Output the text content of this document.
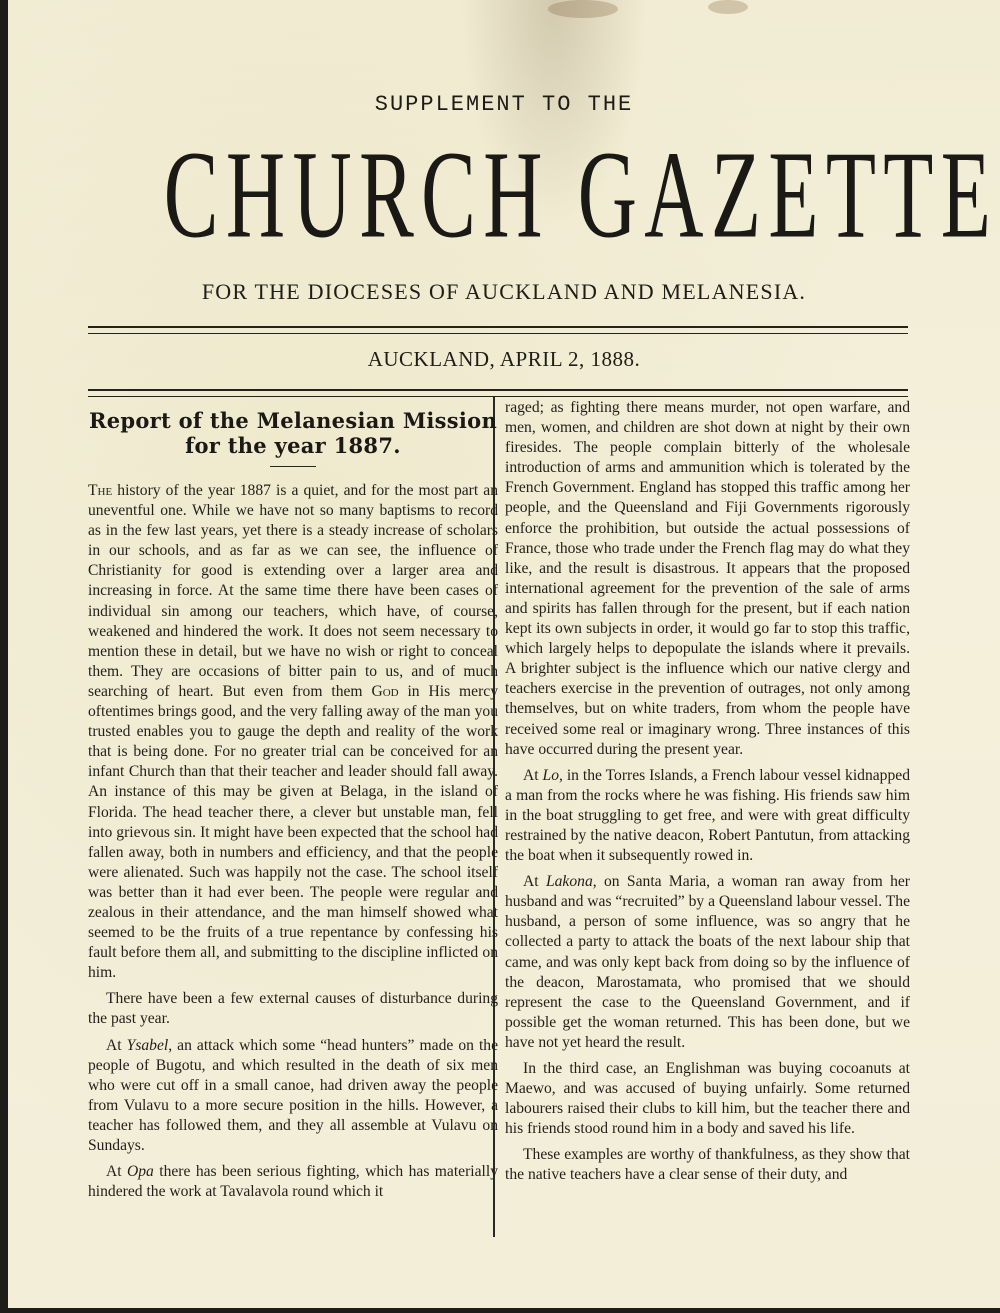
SUPPLEMENT TO THE
CHURCH GAZETTE
FOR THE DIOCESES OF AUCKLAND AND MELANESIA.
AUCKLAND, APRIL 2, 1888.
Report of the Melanesian Mission
for the year 1887.

The history of the year 1887 is a quiet, and for the most part an uneventful one. While we have not so many baptisms to record as in the few last years, yet there is a steady increase of scholars in our schools, and as far as we can see, the influence of Christianity for good is extending over a larger area and increasing in force. At the same time there have been cases of individual sin among our teachers, which have, of course, weakened and hindered the work. It does not seem necessary to mention these in detail, but we have no wish or right to conceal them. They are occasions of bitter pain to us, and of much searching of heart. But even from them God in His mercy oftentimes brings good, and the very falling away of the man you trusted enables you to gauge the depth and reality of the work that is being done. For no greater trial can be conceived for an infant Church than that their teacher and leader should fall away. An instance of this may be given at Belaga, in the island of Florida. The head teacher there, a clever but unstable man, fell into grievous sin. It might have been expected that the school had fallen away, both in numbers and efficiency, and that the people were alienated. Such was happily not the case. The school itself was better than it had ever been. The people were regular and zealous in their attendance, and the man himself showed what seemed to be the fruits of a true repentance by confessing his fault before them all, and submitting to the discipline inflicted on him.

There have been a few external causes of disturbance during the past year.

At Ysabel, an attack which some “head hunters” made on the people of Bugotu, and which resulted in the death of six men who were cut off in a small canoe, had driven away the people from Vulavu to a more secure position in the hills. However, a teacher has followed them, and they all assemble at Vulavu on Sundays.

At Opa there has been serious fighting, which has materially hindered the work at Tavalavola round which it

raged; as fighting there means murder, not open warfare, and men, women, and children are shot down at night by their own firesides. The people complain bitterly of the wholesale introduction of arms and ammunition which is tolerated by the French Government. England has stopped this traffic among her people, and the Queensland and Fiji Governments rigorously enforce the prohibition, but outside the actual possessions of France, those who trade under the French flag may do what they like, and the result is disastrous. It appears that the proposed international agreement for the prevention of the sale of arms and spirits has fallen through for the present, but if each nation kept its own subjects in order, it would go far to stop this traffic, which largely helps to depopulate the islands where it prevails. A brighter subject is the influence which our native clergy and teachers exercise in the prevention of outrages, not only among themselves, but on white traders, from whom the people have received some real or imaginary wrong. Three instances of this have occurred during the present year.

At Lo, in the Torres Islands, a French labour vessel kidnapped a man from the rocks where he was fishing. His friends saw him in the boat struggling to get free, and were with great difficulty restrained by the native deacon, Robert Pantutun, from attacking the boat when it subsequently rowed in.

At Lakona, on Santa Maria, a woman ran away from her husband and was “recruited” by a Queensland labour vessel. The husband, a person of some influence, was so angry that he collected a party to attack the boats of the next labour ship that came, and was only kept back from doing so by the influence of the deacon, Marostamata, who promised that we should represent the case to the Queensland Government, and if possible get the woman returned. This has been done, but we have not yet heard the result.

In the third case, an Englishman was buying cocoanuts at Maewo, and was accused of buying unfairly. Some returned labourers raised their clubs to kill him, but the teacher there and his friends stood round him in a body and saved his life.

These examples are worthy of thankfulness, as they show that the native teachers have a clear sense of their duty, and
